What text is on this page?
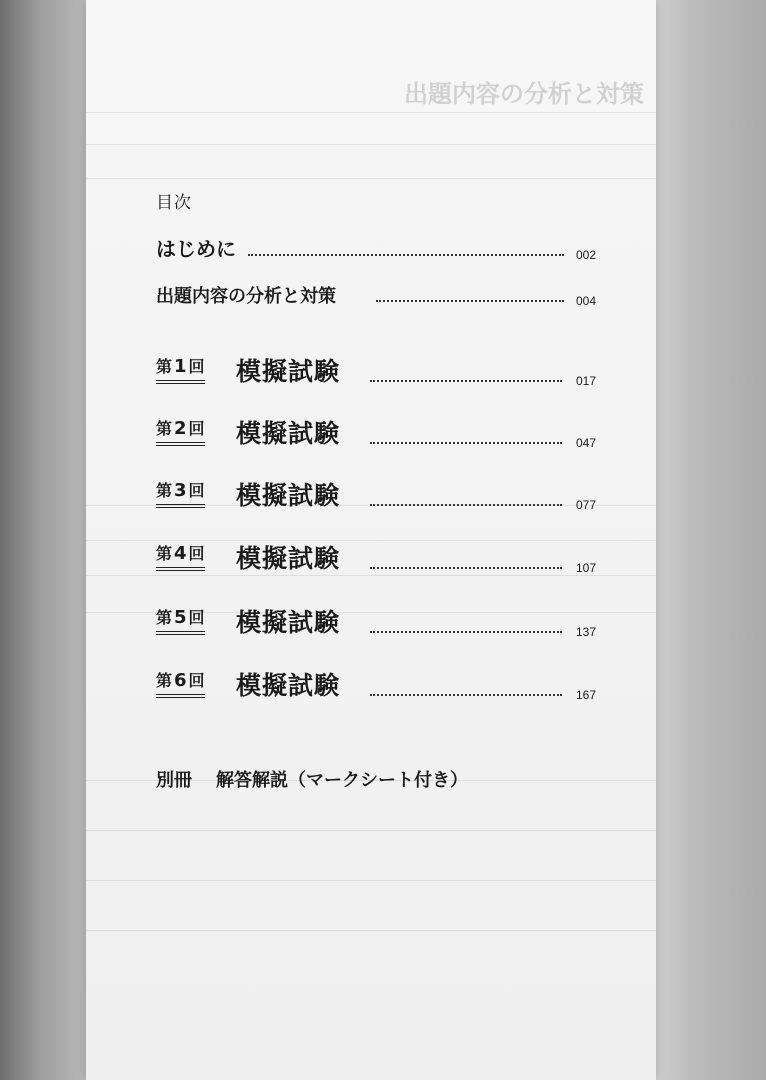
出題内容の分析と対策
目次
はじめに	002
出題内容の分析と対策	004
第 1 回 模擬試験	017
第 2 回 模擬試験	047
第 3 回 模擬試験	077
第 4 回 模擬試験	107
第 5 回 模擬試験	137
第 6 回 模擬試験	167
別冊 解答解説（マークシート付き）
